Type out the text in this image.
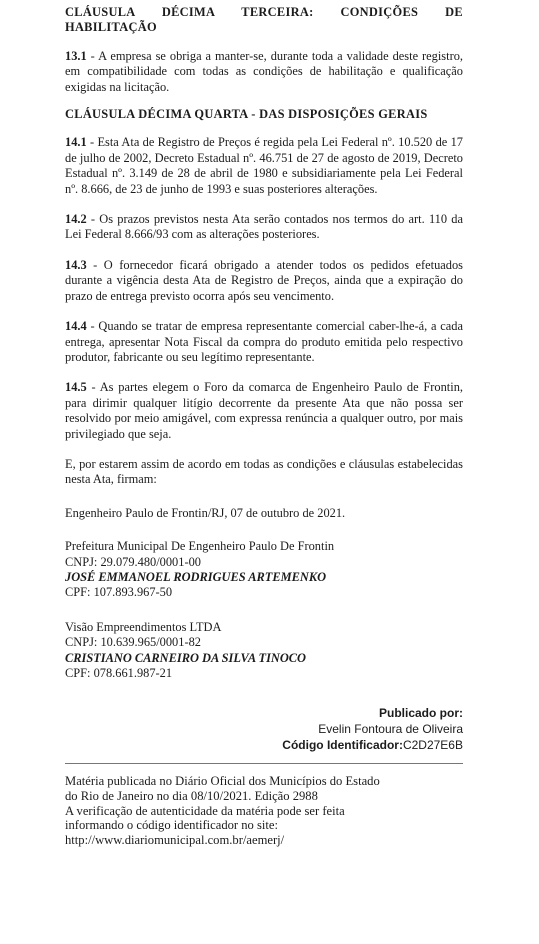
CLÁUSULA DÉCIMA TERCEIRA: CONDIÇÕES DE
HABILITAÇÃO

13.1 - A empresa se obriga a manter-se, durante toda a validade deste registro, em compatibilidade com todas as condições de habilitação e qualificação exigidas na licitação.

CLÁUSULA DÉCIMA QUARTA - DAS DISPOSIÇÕES GERAIS

14.1 - Esta Ata de Registro de Preços é regida pela Lei Federal nº. 10.520 de 17 de julho de 2002, Decreto Estadual nº. 46.751 de 27 de agosto de 2019, Decreto Estadual nº. 3.149 de 28 de abril de 1980 e subsidiariamente pela Lei Federal nº. 8.666, de 23 de junho de 1993 e suas posteriores alterações.

14.2 - Os prazos previstos nesta Ata serão contados nos termos do art. 110 da Lei Federal 8.666/93 com as alterações posteriores.

14.3 - O fornecedor ficará obrigado a atender todos os pedidos efetuados durante a vigência desta Ata de Registro de Preços, ainda que a expiração do prazo de entrega previsto ocorra após seu vencimento.

14.4 - Quando se tratar de empresa representante comercial caber-lhe-á, a cada entrega, apresentar Nota Fiscal da compra do produto emitida pelo respectivo produtor, fabricante ou seu legítimo representante.

14.5 - As partes elegem o Foro da comarca de Engenheiro Paulo de Frontin, para dirimir qualquer litígio decorrente da presente Ata que não possa ser resolvido por meio amigável, com expressa renúncia a qualquer outro, por mais privilegiado que seja.

E, por estarem assim de acordo em todas as condições e cláusulas estabelecidas nesta Ata, firmam:

Engenheiro Paulo de Frontin/RJ, 07 de outubro de 2021.

Prefeitura Municipal De Engenheiro Paulo De Frontin
CNPJ: 29.079.480/0001-00
JOSÉ EMMANOEL RODRIGUES ARTEMENKO
CPF: 107.893.967-50
Visão Empreendimentos LTDA
CNPJ: 10.639.965/0001-82
CRISTIANO CARNEIRO DA SILVA TINOCO
CPF: 078.661.987-21
Publicado por:
Evelin Fontoura de Oliveira
Código Identificador:C2D27E6B
Matéria publicada no Diário Oficial dos Municípios do Estado
do Rio de Janeiro no dia 08/10/2021. Edição 2988
A verificação de autenticidade da matéria pode ser feita
informando o código identificador no site:
http://www.diariomunicipal.com.br/aemerj/
